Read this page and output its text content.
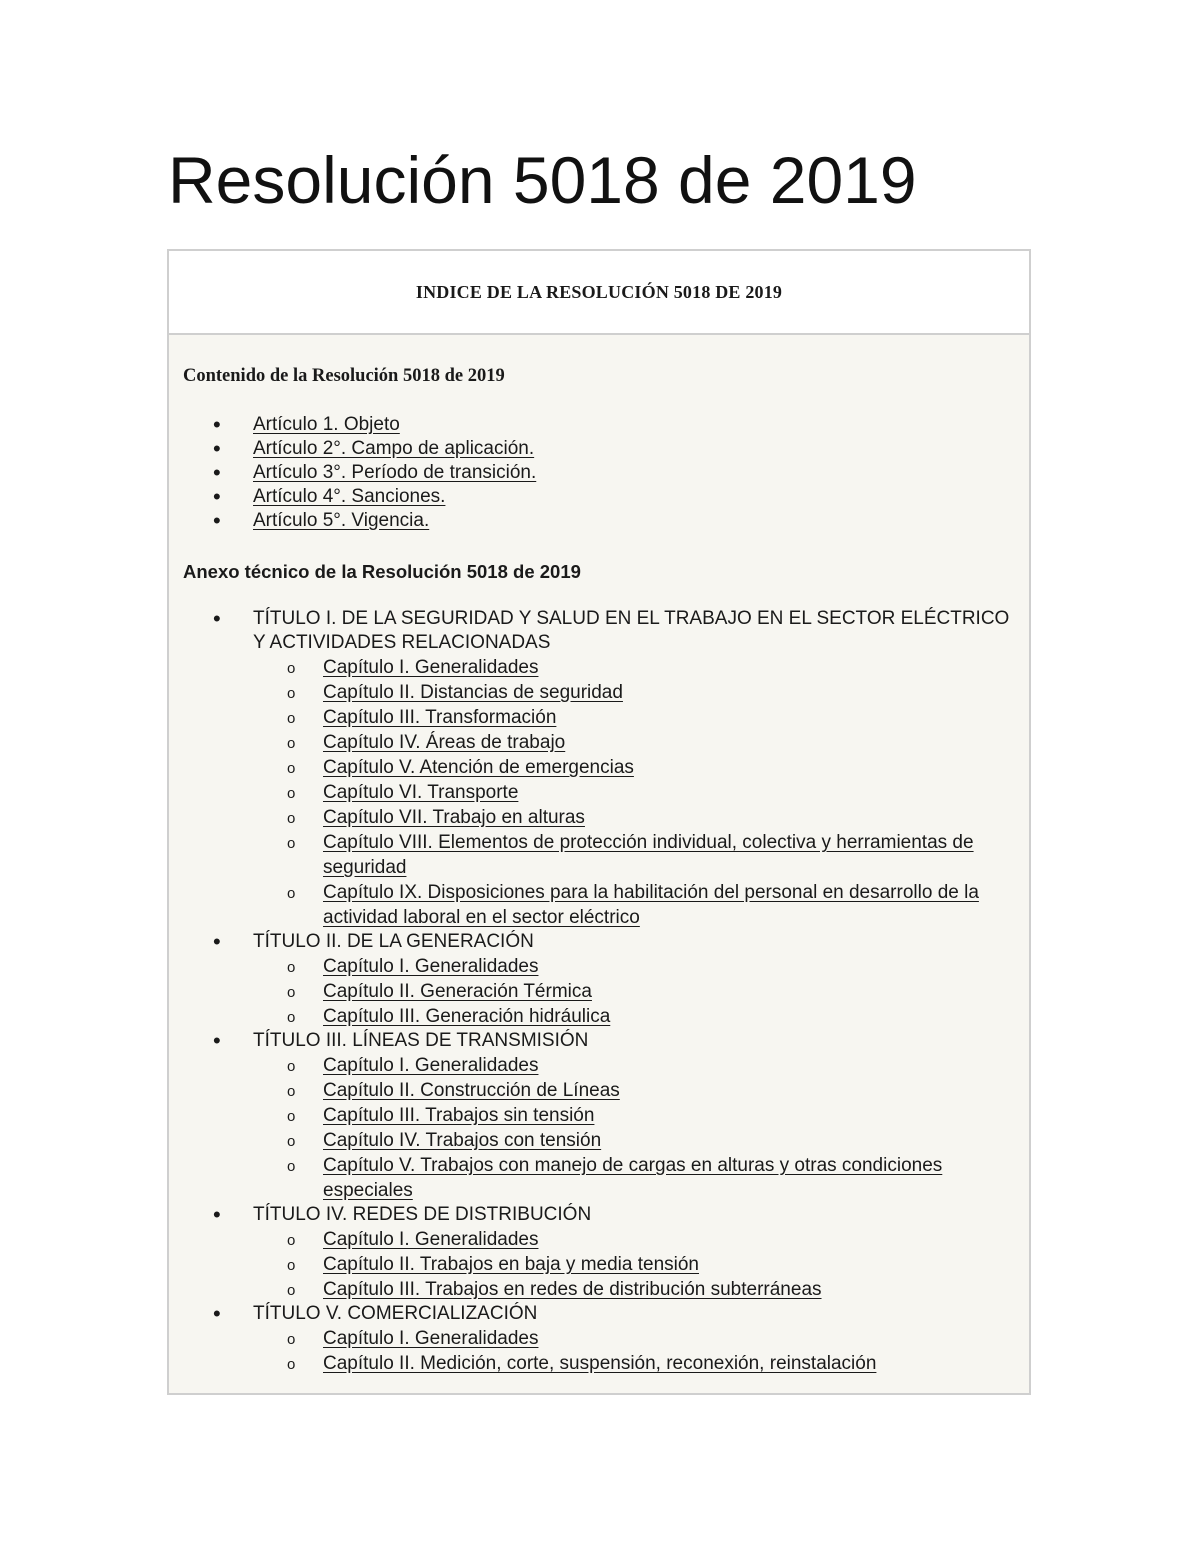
Resolución 5018 de 2019
INDICE DE LA RESOLUCIÓN 5018 DE 2019
Contenido de la Resolución 5018 de 2019
• Artículo 1. Objeto
• Artículo 2°. Campo de aplicación.
• Artículo 3°. Período de transición.
• Artículo 4°. Sanciones.
• Artículo 5°. Vigencia.
Anexo técnico de la Resolución 5018 de 2019
• TÍTULO I. DE LA SEGURIDAD Y SALUD EN EL TRABAJO EN EL SECTOR ELÉCTRICO Y ACTIVIDADES RELACIONADAS
o Capítulo I. Generalidades
o Capítulo II. Distancias de seguridad
o Capítulo III. Transformación
o Capítulo IV. Áreas de trabajo
o Capítulo V. Atención de emergencias
o Capítulo VI. Transporte
o Capítulo VII. Trabajo en alturas
o Capítulo VIII. Elementos de protección individual, colectiva y herramientas de seguridad
o Capítulo IX. Disposiciones para la habilitación del personal en desarrollo de la actividad laboral en el sector eléctrico
• TÍTULO II. DE LA GENERACIÓN
o Capítulo I. Generalidades
o Capítulo II. Generación Térmica
o Capítulo III. Generación hidráulica
• TÍTULO III. LÍNEAS DE TRANSMISIÓN
o Capítulo I. Generalidades
o Capítulo II. Construcción de Líneas
o Capítulo III. Trabajos sin tensión
o Capítulo IV. Trabajos con tensión
o Capítulo V. Trabajos con manejo de cargas en alturas y otras condiciones especiales
• TÍTULO IV. REDES DE DISTRIBUCIÓN
o Capítulo I. Generalidades
o Capítulo II. Trabajos en baja y media tensión
o Capítulo III. Trabajos en redes de distribución subterráneas
• TÍTULO V. COMERCIALIZACIÓN
o Capítulo I. Generalidades
o Capítulo II. Medición, corte, suspensión, reconexión, reinstalación
